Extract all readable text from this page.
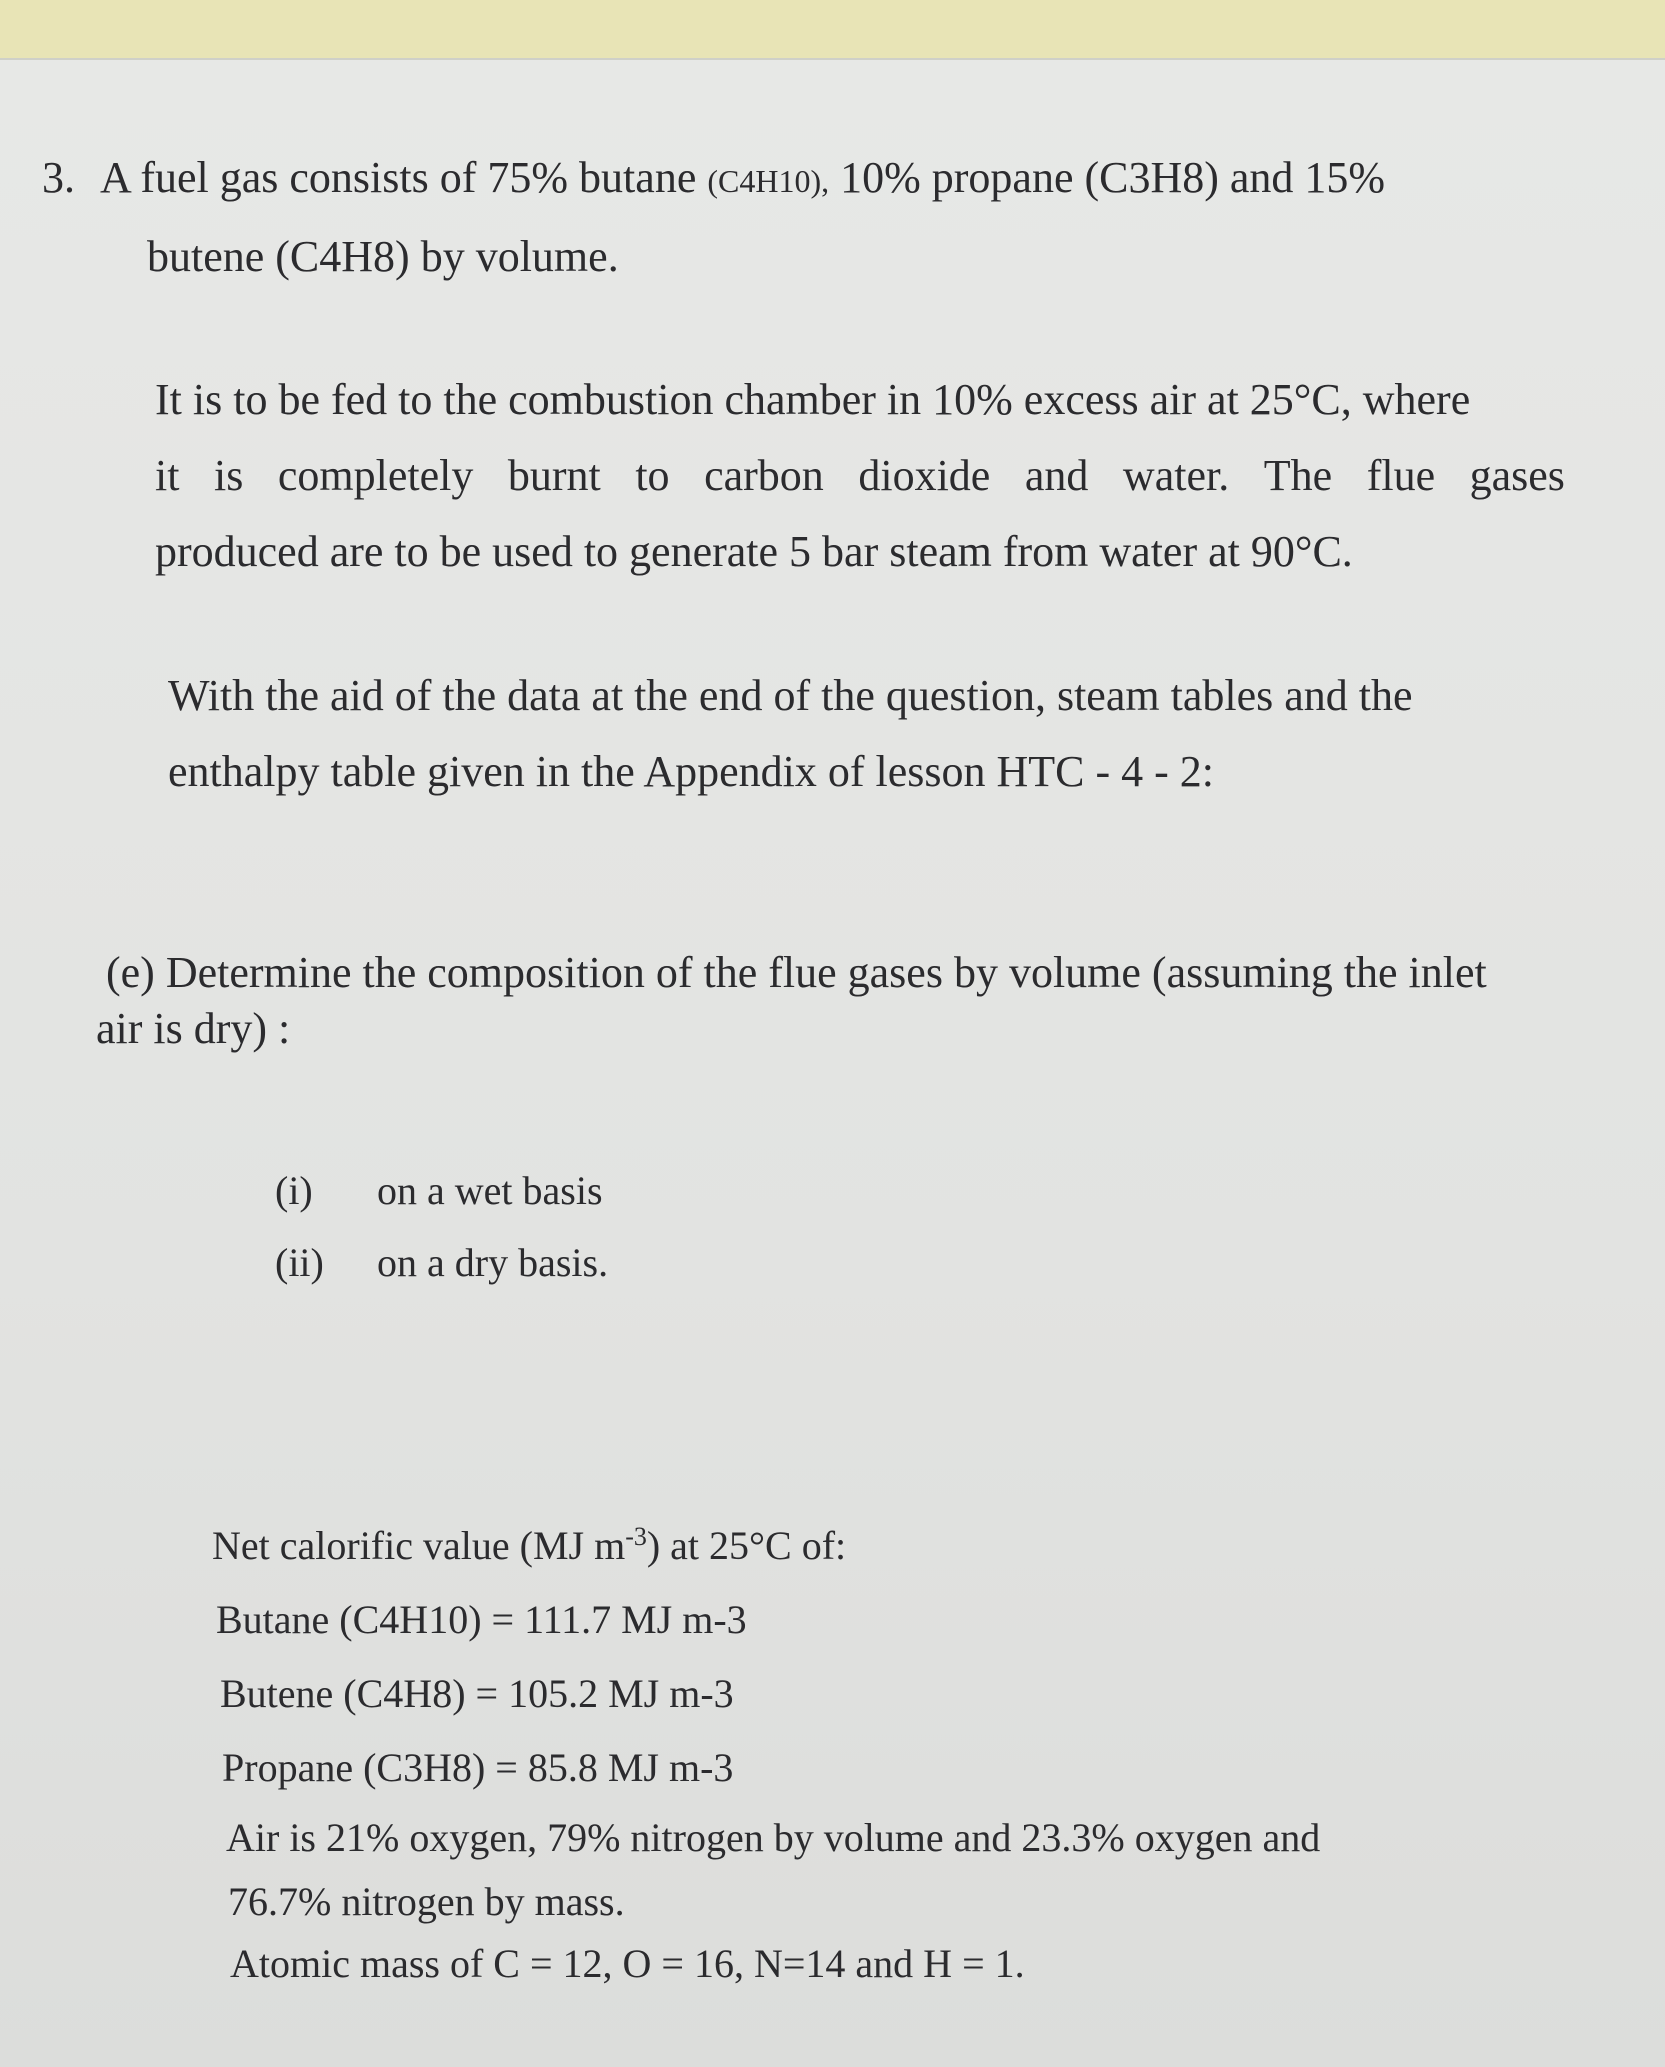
3. A fuel gas consists of 75% butane (C4H10), 10% propane (C3H8) and 15%
butene (C4H8) by volume.
It is to be fed to the combustion chamber in 10% excess air at 25°C, where
it is completely burnt to carbon dioxide and water. The flue gases
produced are to be used to generate 5 bar steam from water at 90°C.
With the aid of the data at the end of the question, steam tables and the
enthalpy table given in the Appendix of lesson HTC - 4 - 2:
(e) Determine the composition of the flue gases by volume (assuming the inlet
air is dry) :
(i) on a wet basis
(ii) on a dry basis.
Net calorific value (MJ $m^{-3}$) at 25°C of:
Butane (C4H10) = 111.7 MJ m-3
Butene (C4H8) = 105.2 MJ m-3
Propane (C3H8) = 85.8 MJ m-3
Air is 21% oxygen, 79% nitrogen by volume and 23.3% oxygen and
76.7% nitrogen by mass.
Atomic mass of C = 12, O = 16, N=14 and H = 1.
